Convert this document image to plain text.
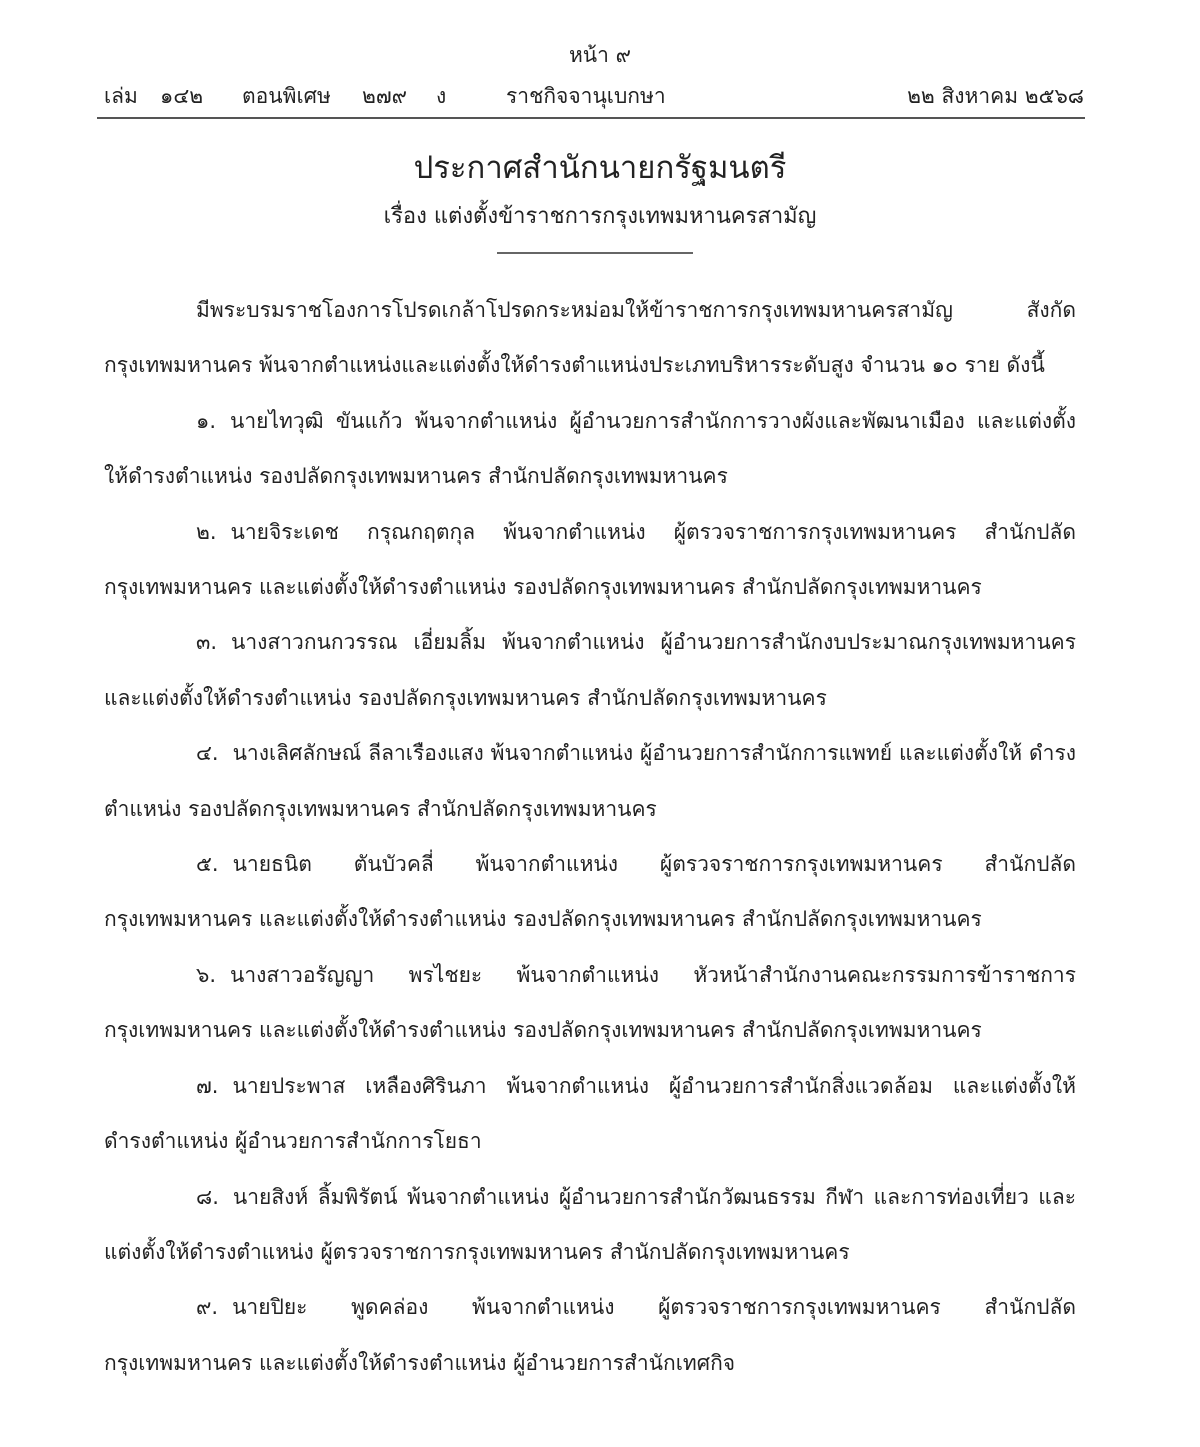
หน้า ๙
เล่ม ๑๔๒ ตอนพิเศษ ๒๗๙ ง	ราชกิจจานุเบกษา	๒๒ สิงหาคม ๒๕๖๘
ประกาศสำนักนายกรัฐมนตรี
เรื่อง แต่งตั้งข้าราชการกรุงเทพมหานครสามัญ

มีพระบรมราชโองการโปรดเกล้าโปรดกระหม่อมให้ข้าราชการกรุงเทพมหานครสามัญ สังกัดกรุงเทพมหานคร พ้นจากตำแหน่งและแต่งตั้งให้ดำรงตำแหน่งประเภทบริหารระดับสูง จำนวน ๑๐ ราย ดังนี้

๑. นายไทวุฒิ ขันแก้ว พ้นจากตำแหน่ง ผู้อำนวยการสำนักการวางผังและพัฒนาเมือง และแต่งตั้งให้ดำรงตำแหน่ง รองปลัดกรุงเทพมหานคร สำนักปลัดกรุงเทพมหานคร

๒. นายจิระเดช กรุณกฤตกุล พ้นจากตำแหน่ง ผู้ตรวจราชการกรุงเทพมหานคร สำนักปลัด กรุงเทพมหานคร และแต่งตั้งให้ดำรงตำแหน่ง รองปลัดกรุงเทพมหานคร สำนักปลัดกรุงเทพมหานคร

๓. นางสาวกนกวรรณ เอี่ยมลิ้ม พ้นจากตำแหน่ง ผู้อำนวยการสำนักงบประมาณกรุงเทพมหานคร และแต่งตั้งให้ดำรงตำแหน่ง รองปลัดกรุงเทพมหานคร สำนักปลัดกรุงเทพมหานคร

๔. นางเลิศลักษณ์ ลีลาเรืองแสง พ้นจากตำแหน่ง ผู้อำนวยการสำนักการแพทย์ และแต่งตั้งให้ ดำรงตำแหน่ง รองปลัดกรุงเทพมหานคร สำนักปลัดกรุงเทพมหานคร

๕. นายธนิต ตันบัวคลี่ พ้นจากตำแหน่ง ผู้ตรวจราชการกรุงเทพมหานคร สำนักปลัด กรุงเทพมหานคร และแต่งตั้งให้ดำรงตำแหน่ง รองปลัดกรุงเทพมหานคร สำนักปลัดกรุงเทพมหานคร

๖. นางสาวอรัญญา พรไชยะ พ้นจากตำแหน่ง หัวหน้าสำนักงานคณะกรรมการข้าราชการ กรุงเทพมหานคร และแต่งตั้งให้ดำรงตำแหน่ง รองปลัดกรุงเทพมหานคร สำนักปลัดกรุงเทพมหานคร

๗. นายประพาส เหลืองศิรินภา พ้นจากตำแหน่ง ผู้อำนวยการสำนักสิ่งแวดล้อม และแต่งตั้งให้ ดำรงตำแหน่ง ผู้อำนวยการสำนักการโยธา

๘. นายสิงห์ ลิ้มพิรัตน์ พ้นจากตำแหน่ง ผู้อำนวยการสำนักวัฒนธรรม กีฬา และการท่องเที่ยว และแต่งตั้งให้ดำรงตำแหน่ง ผู้ตรวจราชการกรุงเทพมหานคร สำนักปลัดกรุงเทพมหานคร

๙. นายปิยะ พูดคล่อง พ้นจากตำแหน่ง ผู้ตรวจราชการกรุงเทพมหานคร สำนักปลัด กรุงเทพมหานคร และแต่งตั้งให้ดำรงตำแหน่ง ผู้อำนวยการสำนักเทศกิจ
